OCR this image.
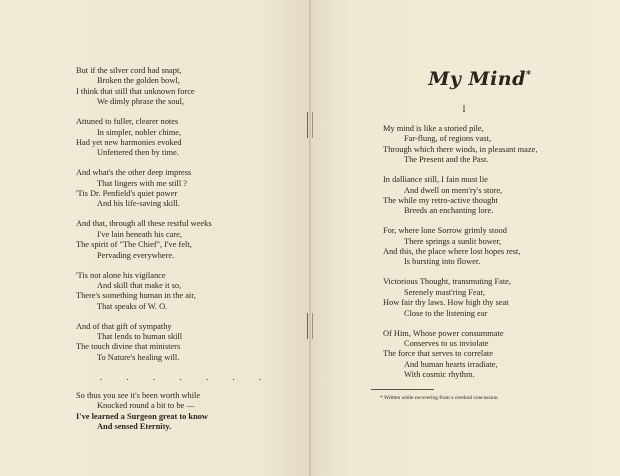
But if the silver cord had snapt,
Broken the golden bowl,
I think that still that unknown force
We dimly phrase the soul,
Attuned to fuller, clearer notes
In simpler, nobler chime,
Had yet new harmonies evoked
Unfettered then by time.
And what's the other deep impress
That lingers with me still ?
'Tis Dr. Penfield's quiet power
And his life-saving skill.
And that, through all these restful weeks
I've lain beneath his care,
The spirit of "The Chief", I've felt,
Pervading everywhere.
'Tis not alone his vigilance
And skill that make it so,
There's something human in the air,
That speaks of W. O.
And of that gift of sympathy
That lends to human skill
The touch divine that ministers
To Nature's healing will.
. . . . . . .
So thus you see it's been worth while
Knocked round a bit to be —
I've learned a Surgeon great to know
And sensed Eternity.
My Mind*
I
My mind is like a storied pile,
Far-flung, of regions vast,
Through which there winds, in pleasant maze,
The Present and the Past.
In dalliance still, I fain must lie
And dwell on mem'ry's store,
The while my retro-active thought
Breeds an enchanting lore.
For, where lone Sorrow grimly stood
There springs a sunlit bower,
And this, the place where lost hopes rest,
Is bursting into flower.
Victorious Thought, transmuting Fate,
Serenely mast'ring Fear,
How fair thy laws. How high thy seat
Close to the listening ear
Of Him, Whose power consummate
Conserves to us inviolate
The force that serves to correlate
And human hearts irradiate,
With cosmic rhythm.
* Written while recovering from a cerebral concussion.
